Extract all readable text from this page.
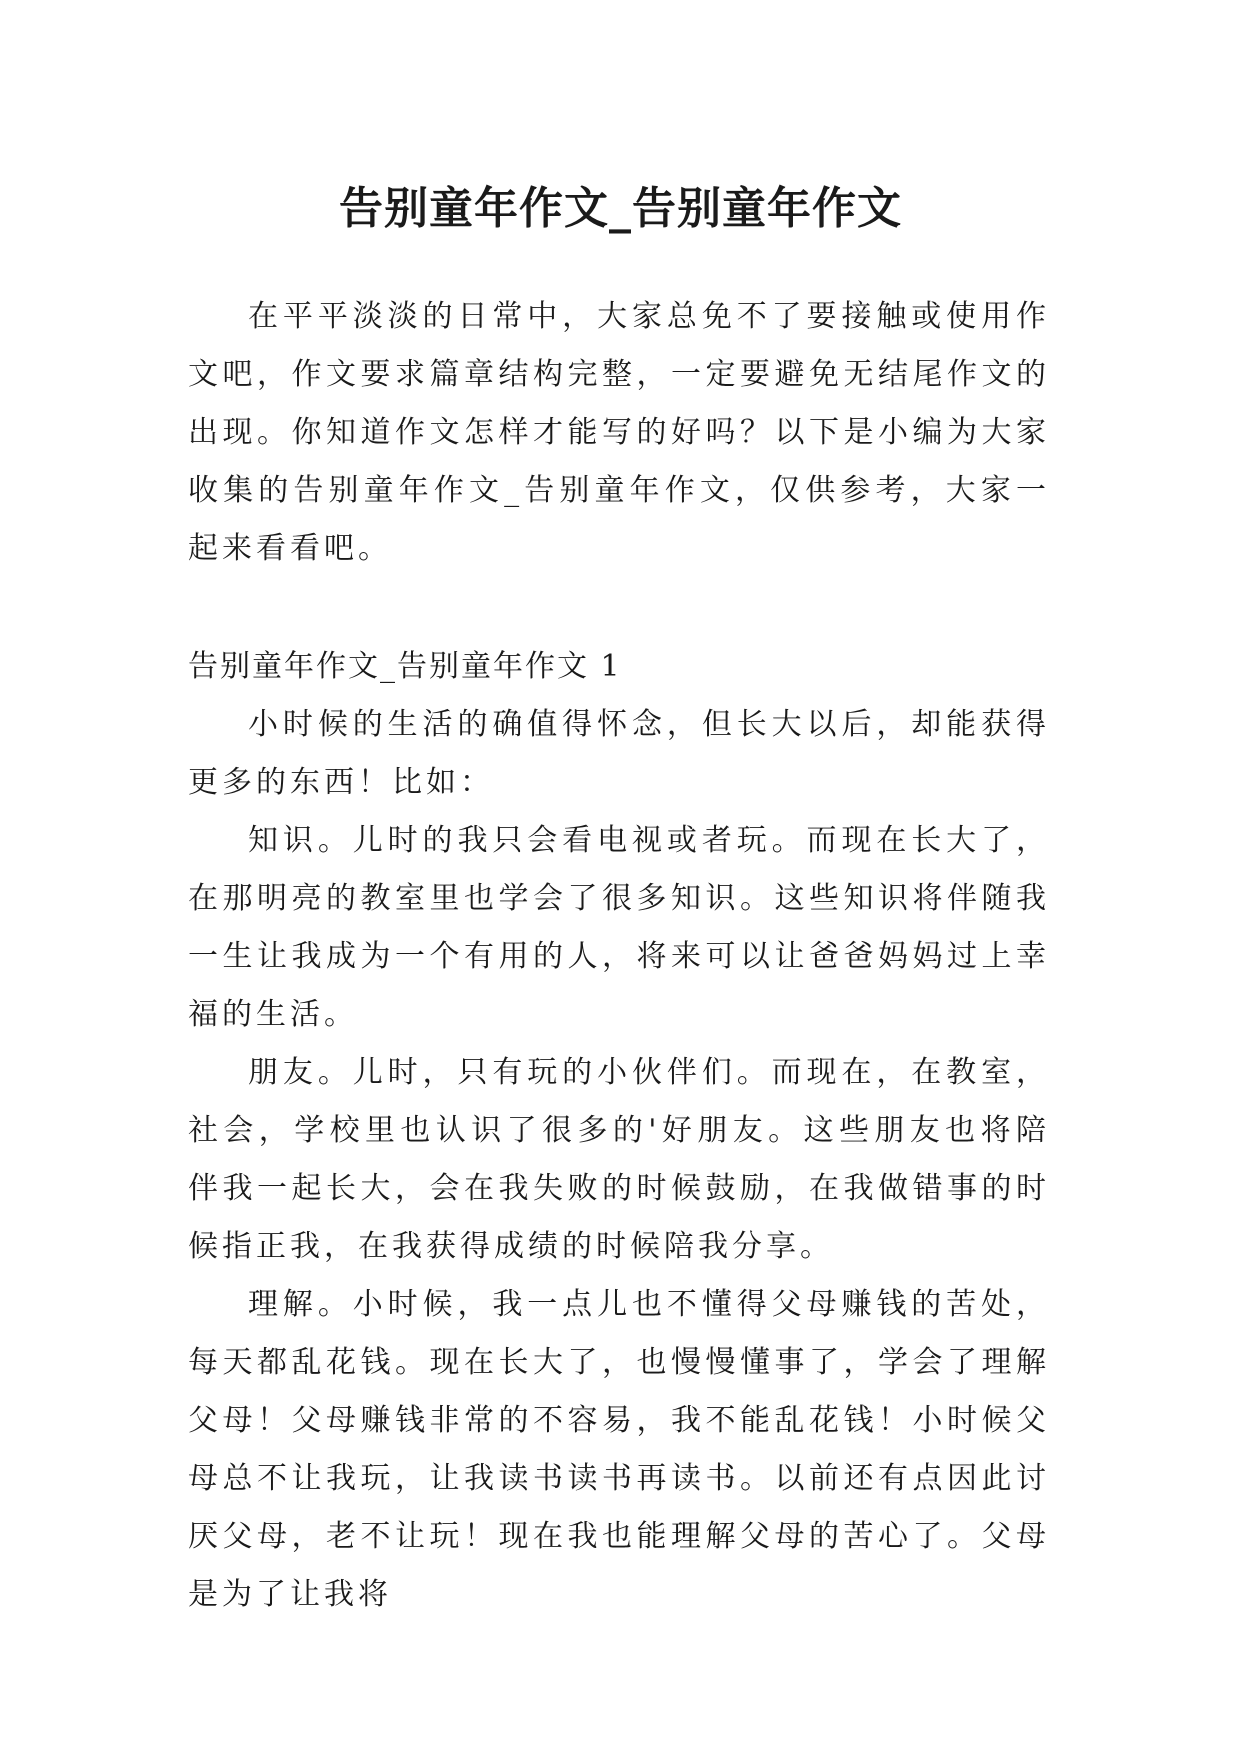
告别童年作文_告别童年作文

在平平淡淡的日常中，大家总免不了要接触或使用作文吧，作文要求篇章结构完整，一定要避免无结尾作文的出现。你知道作文怎样才能写的好吗？以下是小编为大家收集的告别童年作文_告别童年作文，仅供参考，大家一起来看看吧。

告别童年作文_告别童年作文 1

小时候的生活的确值得怀念，但长大以后，却能获得更多的东西！比如：

知识。儿时的我只会看电视或者玩。而现在长大了，在那明亮的教室里也学会了很多知识。这些知识将伴随我一生让我成为一个有用的人，将来可以让爸爸妈妈过上幸福的生活。

朋友。儿时，只有玩的小伙伴们。而现在，在教室，社会，学校里也认识了很多的'好朋友。这些朋友也将陪伴我一起长大，会在我失败的时候鼓励，在我做错事的时候指正我，在我获得成绩的时候陪我分享。

理解。小时候，我一点儿也不懂得父母赚钱的苦处，每天都乱花钱。现在长大了，也慢慢懂事了，学会了理解父母！父母赚钱非常的不容易，我不能乱花钱！小时候父母总不让我玩，让我读书读书再读书。以前还有点因此讨厌父母，老不让玩！现在我也能理解父母的苦心了。父母是为了让我将
